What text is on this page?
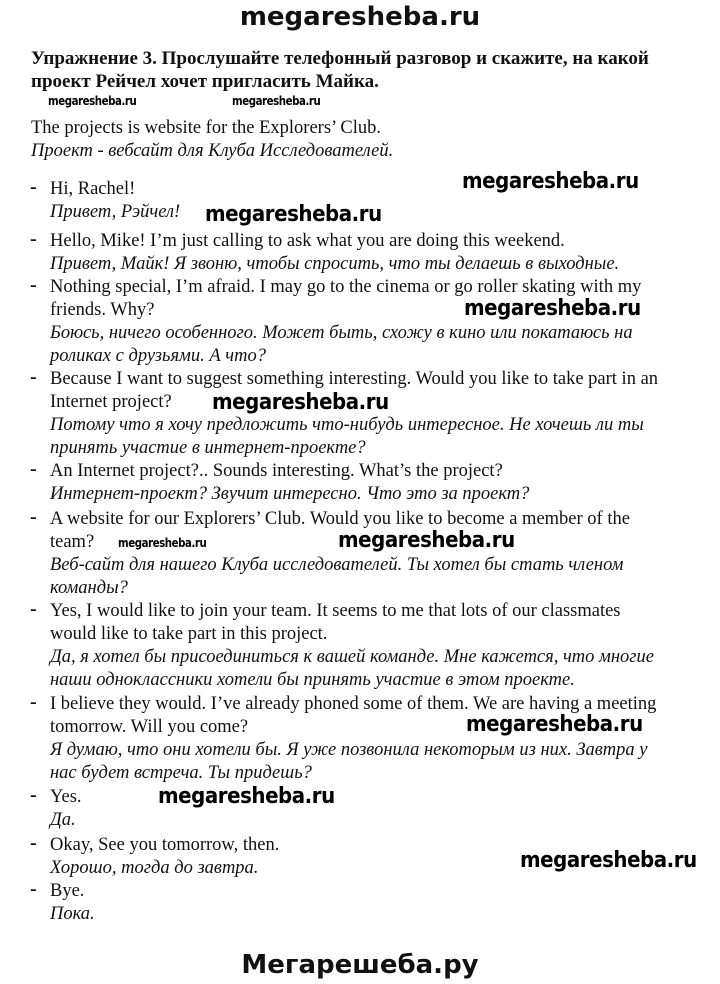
megaresheba.ru
Упражнение 3. Прослушайте телефонный разговор и скажите, на какой
проект Рейчел хочет пригласить Майка.
The projects is website for the Explorers’ Club.
Проект - вебсайт для Клуба Исследователей.
- Hi, Rachel!
Привет, Рэйчел!
- Hello, Mike! I’m just calling to ask what you are doing this weekend.
Привет, Майк! Я звоню, чтобы спросить, что ты делаешь в выходные.
- Nothing special, I’m afraid. I may go to the cinema or go roller skating with my
friends. Why?
Боюсь, ничего особенного. Может быть, схожу в кино или покатаюсь на
роликах с друзьями. А что?
- Because I want to suggest something interesting. Would you like to take part in an
Internet project?
Потому что я хочу предложить что-нибудь интересное. Не хочешь ли ты
принять участие в интернет-проекте?
- An Internet project?.. Sounds interesting. What’s the project?
Интернет-проект? Звучит интересно. Что это за проект?
- A website for our Explorers’ Club. Would you like to become a member of the
team?
Веб-сайт для нашего Клуба исследователей. Ты хотел бы стать членом
команды?
- Yes, I would like to join your team. It seems to me that lots of our classmates
would like to take part in this project.
Да, я хотел бы присоединиться к вашей команде. Мне кажется, что многие
наши одноклассники хотели бы принять участие в этом проекте.
- I believe they would. I’ve already phoned some of them. We are having a meeting
tomorrow. Will you come?
Я думаю, что они хотели бы. Я уже позвонила некоторым из них. Завтра у
нас будет встреча. Ты придешь?
- Yes.
Да.
- Okay, See you tomorrow, then.
Хорошо, тогда до завтра.
- Bye.
Пока.
megaresheba.ru	megaresheba.ru
megaresheba.ru
megaresheba.ru
megaresheba.ru
megaresheba.ru
megaresheba.ru	megaresheba.ru
megaresheba.ru
megaresheba.ru
megaresheba.ru
Мегарешеба.ру
